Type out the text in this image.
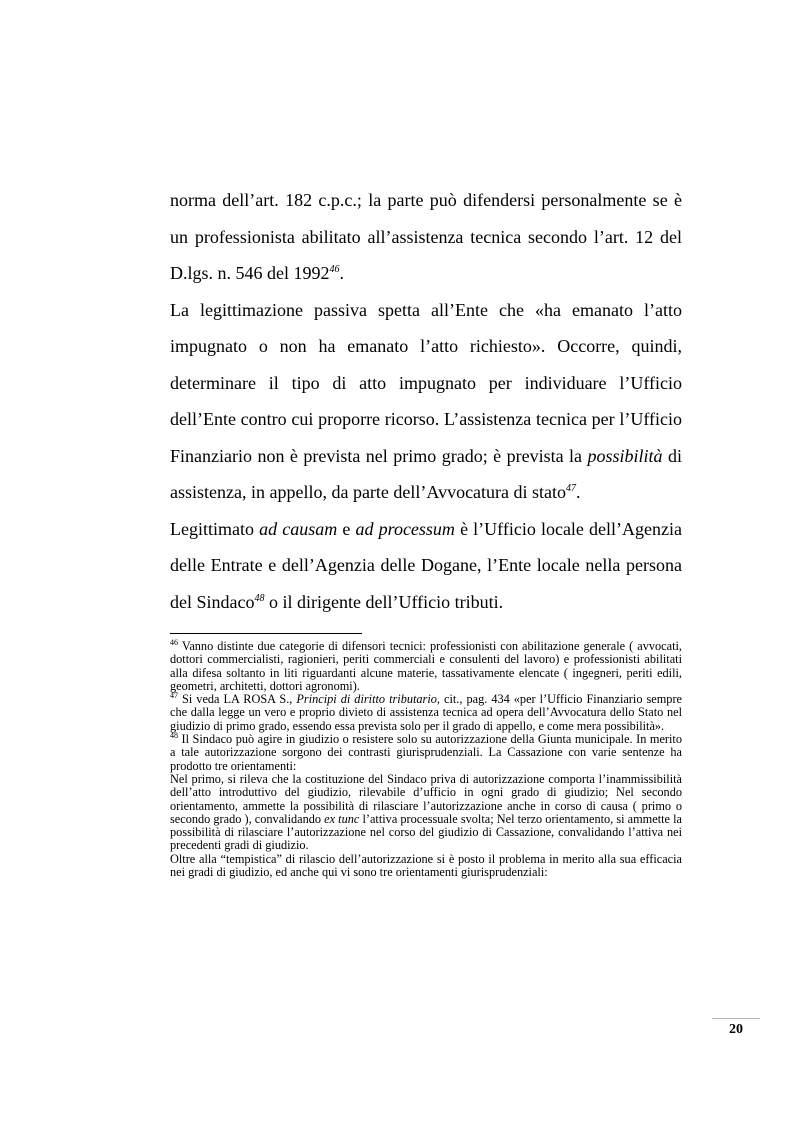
norma dell’art. 182 c.p.c.; la parte può difendersi personalmente se è un professionista abilitato all’assistenza tecnica secondo l’art. 12 del D.lgs. n. 546 del 1992$^{46}$.

La legittimazione passiva spetta all’Ente che «ha emanato l’atto impugnato o non ha emanato l’atto richiesto». Occorre, quindi, determinare il tipo di atto impugnato per individuare l’Ufficio dell’Ente contro cui proporre ricorso. L’assistenza tecnica per l’Ufficio Finanziario non è prevista nel primo grado; è prevista la possibilità di assistenza, in appello, da parte dell’Avvocatura di stato$^{47}$.

Legittimato ad causam e ad processum è l’Ufficio locale dell’Agenzia delle Entrate e dell’Agenzia delle Dogane, l’Ente locale nella persona del Sindaco$^{48}$ o il dirigente dell’Ufficio tributi.

$^{46}$ Vanno distinte due categorie di difensori tecnici: professionisti con abilitazione generale ( avvocati, dottori commercialisti, ragionieri, periti commerciali e consulenti del lavoro) e professionisti abilitati alla difesa soltanto in liti riguardanti alcune materie, tassativamente elencate ( ingegneri, periti edili, geometri, architetti, dottori agronomi).

$^{47}$ Si veda LA ROSA S., Principi di diritto tributario, cit., pag. 434 «per l’Ufficio Finanziario sempre che dalla legge un vero e proprio divieto di assistenza tecnica ad opera dell’Avvocatura dello Stato nel giudizio di primo grado, essendo essa prevista solo per il grado di appello, e come mera possibilità».

$^{48}$ Il Sindaco può agire in giudizio o resistere solo su autorizzazione della Giunta municipale. In merito a tale autorizzazione sorgono dei contrasti giurisprudenziali. La Cassazione con varie sentenze ha prodotto tre orientamenti:

Nel primo, si rileva che la costituzione del Sindaco priva di autorizzazione comporta l’inammissibilità dell’atto introduttivo del giudizio, rilevabile d’ufficio in ogni grado di giudizio; Nel secondo orientamento, ammette la possibilità di rilasciare l’autorizzazione anche in corso di causa ( primo o secondo grado ), convalidando ex tunc l’attiva processuale svolta; Nel terzo orientamento, si ammette la possibilità di rilasciare l’autorizzazione nel corso del giudizio di Cassazione, convalidando l’attiva nei precedenti gradi di giudizio.

Oltre alla “tempistica” di rilascio dell’autorizzazione si è posto il problema in merito alla sua efficacia nei gradi di giudizio, ed anche qui vi sono tre orientamenti giurisprudenziali:

20
